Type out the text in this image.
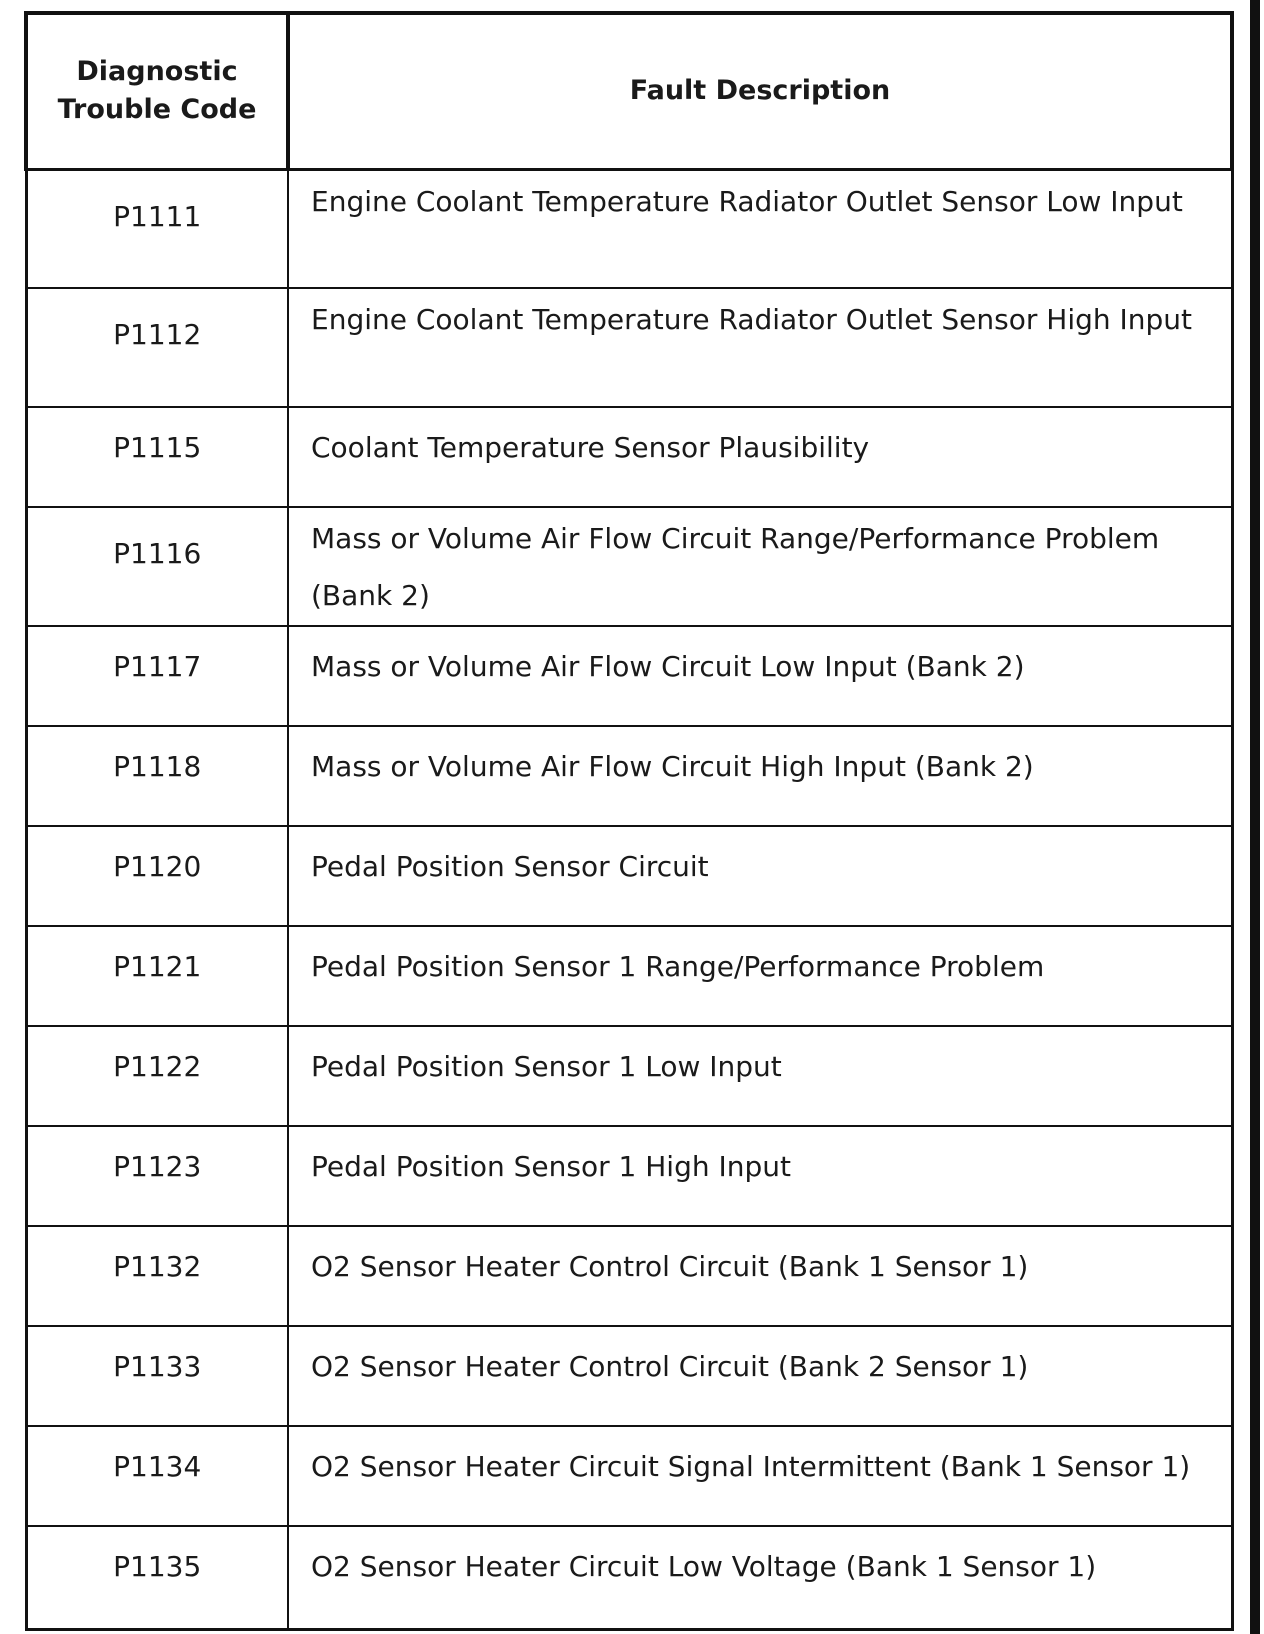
Diagnostic Trouble Code	Fault Description
P1111	Engine Coolant Temperature Radiator Outlet Sensor Low Input
P1112	Engine Coolant Temperature Radiator Outlet Sensor High Input
P1115	Coolant Temperature Sensor Plausibility
P1116	Mass or Volume Air Flow Circuit Range/Performance Problem (Bank 2)
P1117	Mass or Volume Air Flow Circuit Low Input (Bank 2)
P1118	Mass or Volume Air Flow Circuit High Input (Bank 2)
P1120	Pedal Position Sensor Circuit
P1121	Pedal Position Sensor 1 Range/Performance Problem
P1122	Pedal Position Sensor 1 Low Input
P1123	Pedal Position Sensor 1 High Input
P1132	O2 Sensor Heater Control Circuit (Bank 1 Sensor 1)
P1133	O2 Sensor Heater Control Circuit (Bank 2 Sensor 1)
P1134	O2 Sensor Heater Circuit Signal Intermittent (Bank 1 Sensor 1)
P1135	O2 Sensor Heater Circuit Low Voltage (Bank 1 Sensor 1)
